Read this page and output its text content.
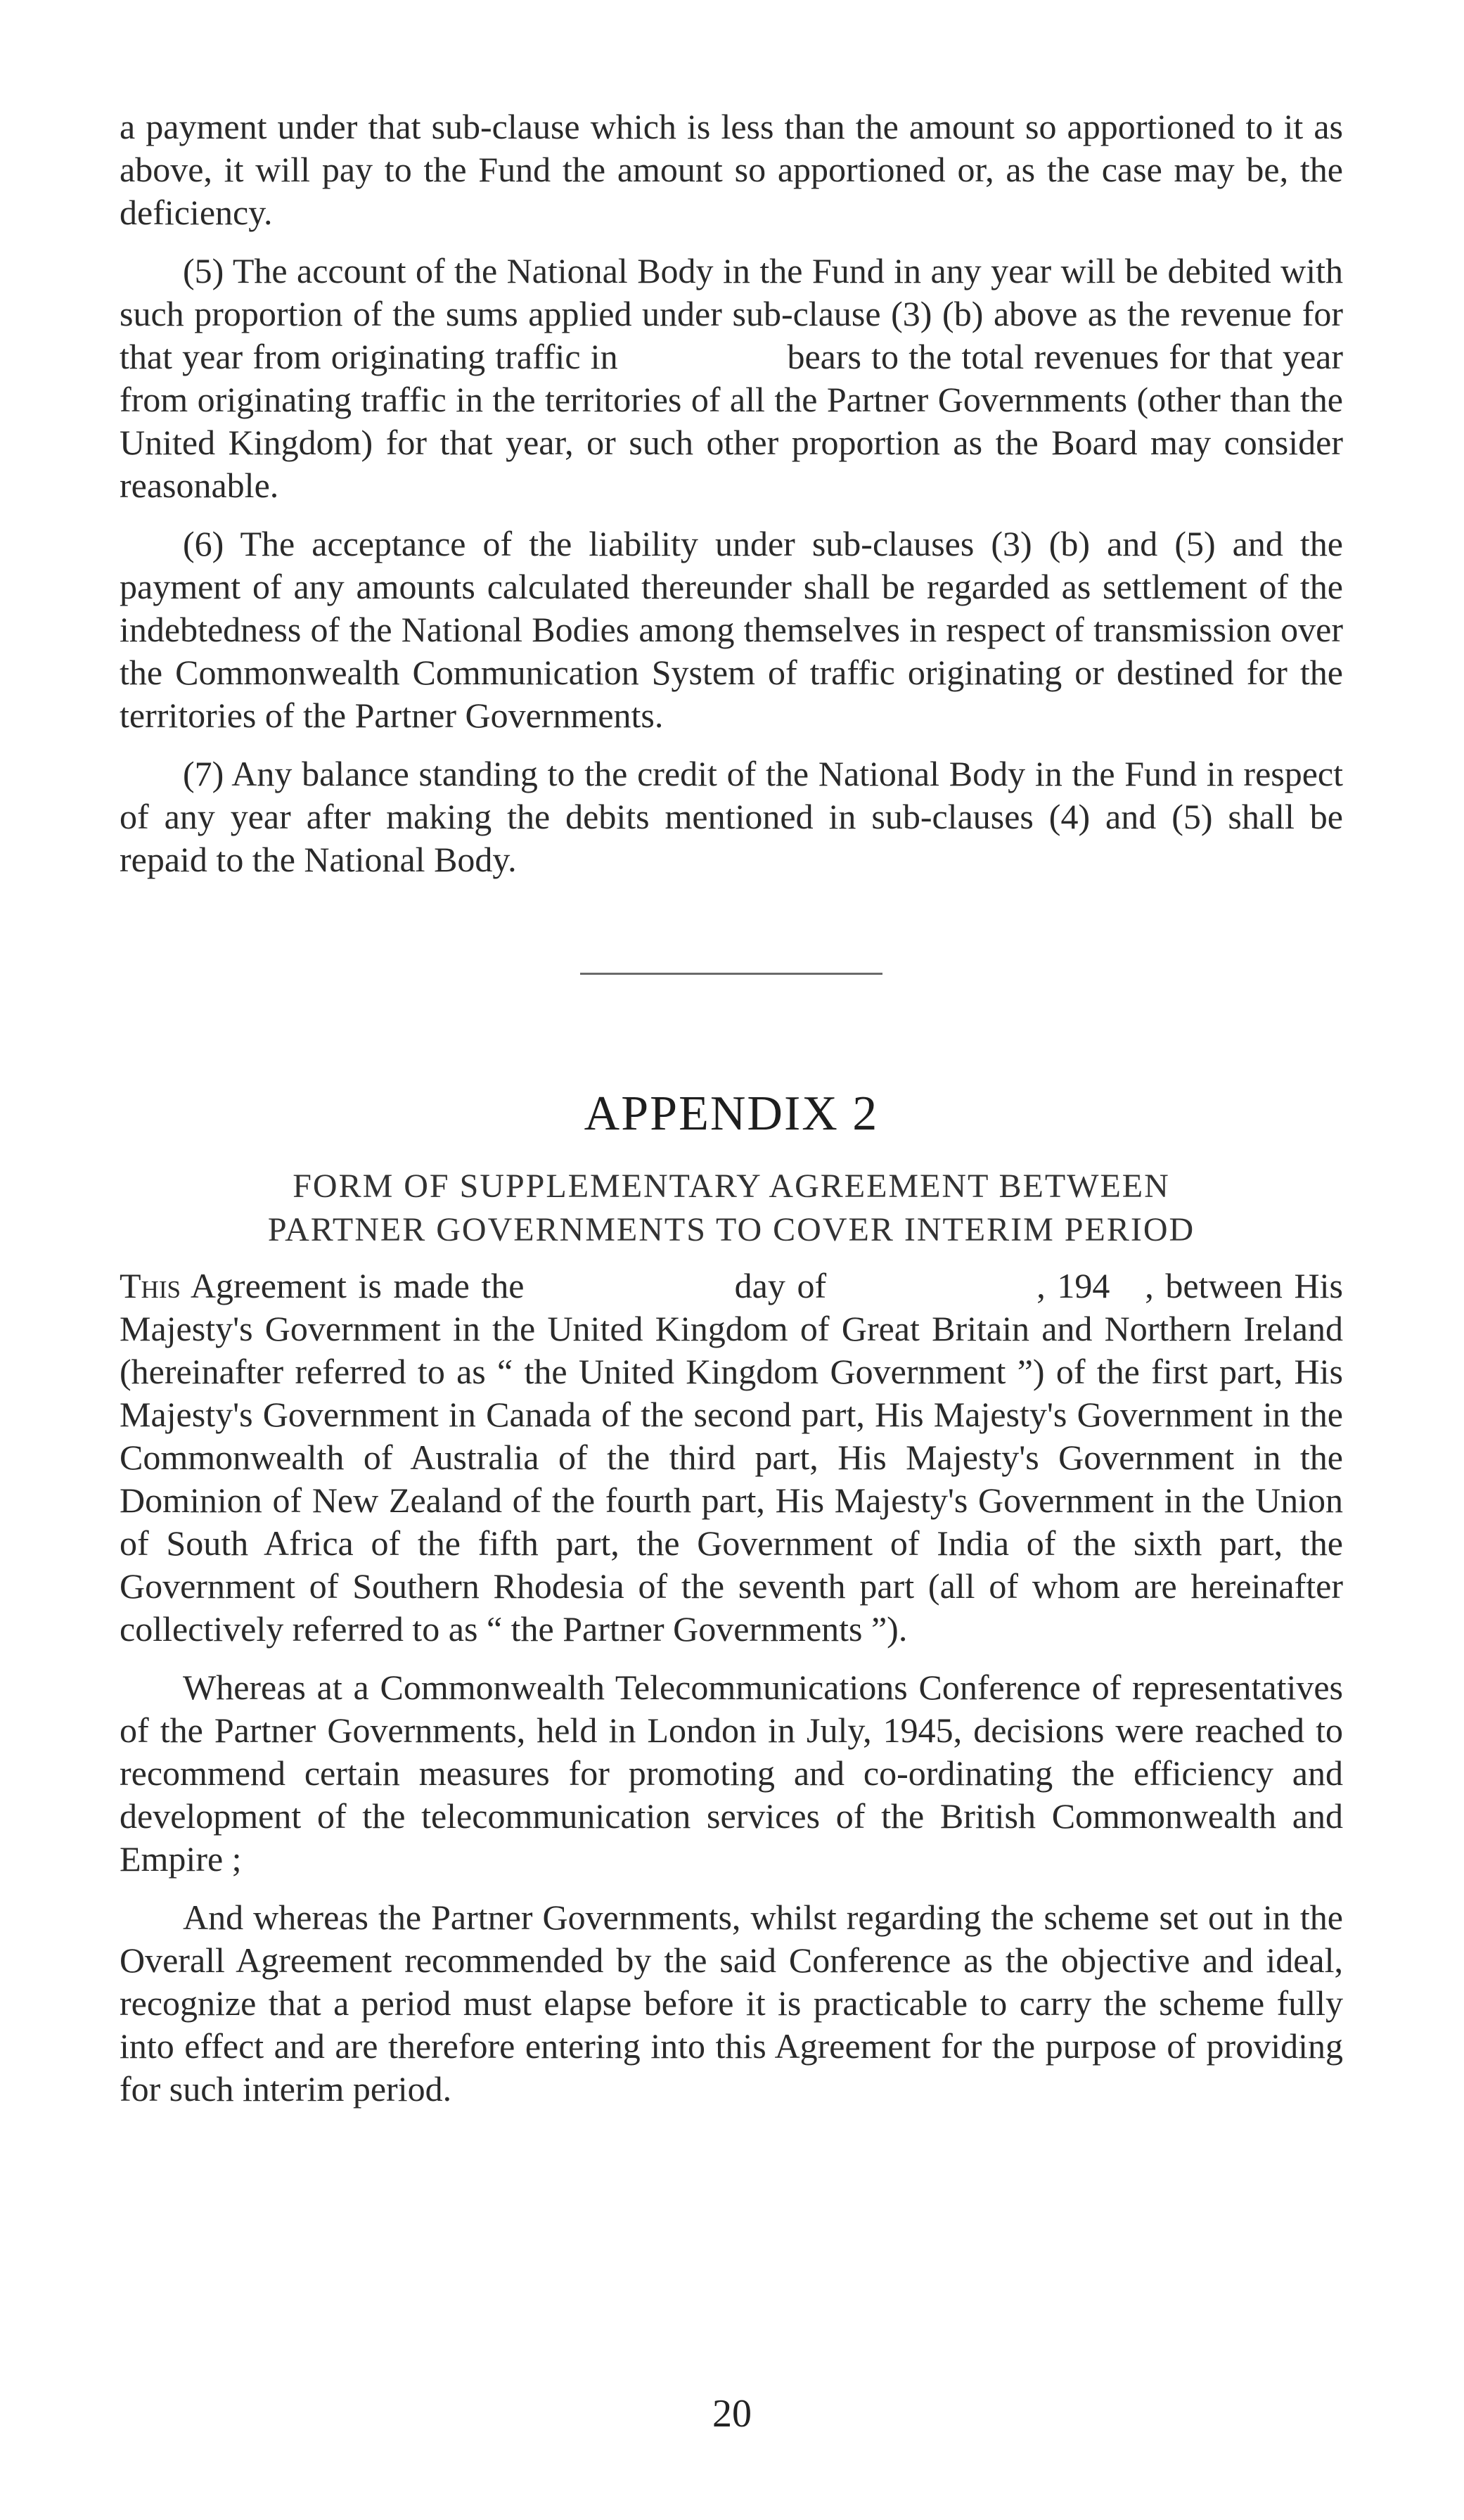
a payment under that sub-clause which is less than the amount so apportioned to it as above, it will pay to the Fund the amount so apportioned or, as the case may be, the deficiency.

(5) The account of the National Body in the Fund in any year will be debited with such proportion of the sums applied under sub-clause (3) (b) above as the revenue for that year from originating traffic in                 bears to the total revenues for that year from originating traffic in the territories of all the Partner Governments (other than the United Kingdom) for that year, or such other proportion as the Board may consider reasonable.

(6) The acceptance of the liability under sub-clauses (3) (b) and (5) and the payment of any amounts calculated thereunder shall be regarded as settlement of the indebtedness of the National Bodies among themselves in respect of transmission over the Commonwealth Communication System of traffic originating or destined for the territories of the Partner Governments.

(7) Any balance standing to the credit of the National Body in the Fund in respect of any year after making the debits mentioned in sub-clauses (4) and (5) shall be repaid to the National Body.

APPENDIX 2
FORM OF SUPPLEMENTARY AGREEMENT BETWEEN
PARTNER GOVERNMENTS TO COVER INTERIM PERIOD

This Agreement is made the                  day of                  , 194   , between His Majesty's Government in the United Kingdom of Great Britain and Northern Ireland (hereinafter referred to as “ the United Kingdom Government ”) of the first part, His Majesty's Government in Canada of the second part, His Majesty's Government in the Commonwealth of Australia of the third part, His Majesty's Government in the Dominion of New Zealand of the fourth part, His Majesty's Government in the Union of South Africa of the fifth part, the Government of India of the sixth part, the Government of Southern Rhodesia of the seventh part (all of whom are hereinafter collectively referred to as “ the Partner Governments ”).

Whereas at a Commonwealth Telecommunications Conference of representatives of the Partner Governments, held in London in July, 1945, decisions were reached to recommend certain measures for promoting and co-ordinating the efficiency and development of the telecommunication services of the British Commonwealth and Empire ;

And whereas the Partner Governments, whilst regarding the scheme set out in the Overall Agreement recommended by the said Conference as the objective and ideal, recognize that a period must elapse before it is practicable to carry the scheme fully into effect and are therefore entering into this Agreement for the purpose of providing for such interim period.

20
